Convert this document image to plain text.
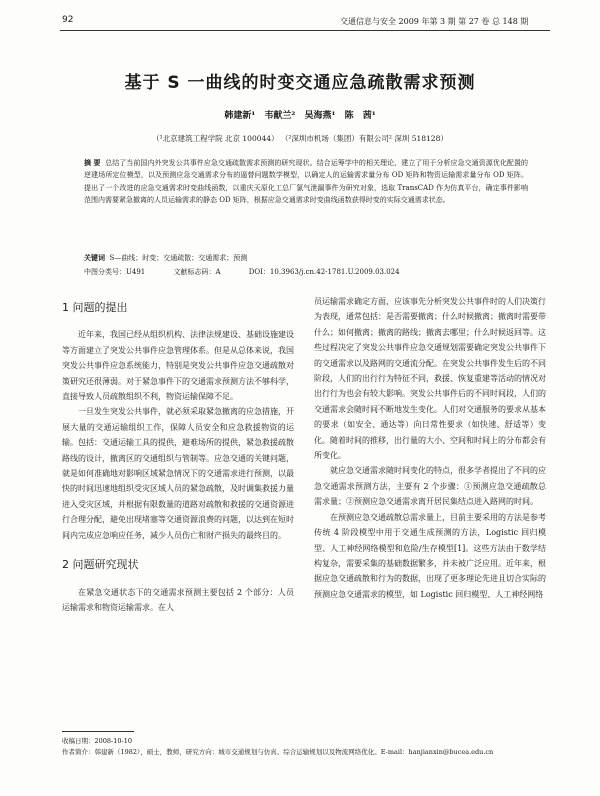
92	交通信息与安全 2009 年第 3 期 第 27 卷 总 148 期
基于 S 一曲线的时变交通应急疏散需求预测
韩建新¹ 韦献兰² 吴海燕¹ 陈 茜¹
（¹北京建筑工程学院 北京 100044） （²深圳市机场（集团）有限公司² 深圳 518128）
摘 要 总结了当前国内外突发公共事件应急交通疏散需求预测的研究现状。结合运筹学中的相关理论，建立了用于分析应急交通资源优化配置的逆建场所定位模型，以及预测应急交通需求分布的逼替问题数学模型，以确定人的运输需求量分布 OD 矩阵和物资运输需求量分布 OD 矩阵。 提出了一个改进的应急交通需求时变曲线函数，以重庆天原化工总厂氯气泄漏事件为研究对象，选取 TransCAD 作为仿真平台，确定事件影响范围内需要紧急撤离的人员运输需求的静态 OD 矩阵，根据应急交通需求时变曲线函数获得时变的实际交通需求状态。
关键词 S—曲线；时变；交通疏散；交通需求；预测
中图分类号：U491	文献标志码：A	DOI：10.3963/j.cn.42-1781.U.2009.03.024
1 问题的提出

近年来，我国已经从组织机构、法律法规建设、基础设施建设等方面建立了突发公共事件应急管理体系。但是从总体来说，我国突发公共事件应急系统能力，特别是突发公共事件应急交通疏散对策研究还很薄弱。对于紧急事件下的交通需求预测方法不够科学，直接导致人员疏散组织不利，物资运输保障不足。

一旦发生突发公共事件，就必须采取紧急撤离的应急措施，开展大量的交通运输组织工作，保障人员安全和应急救援物资的运输。包括：交通运输工具的提供，避难场所的提供，紧急救援疏散路线的设计，撤离区的交通组织与管制等。应急交通的关键问题，就是如何准确地对影响区域紧急情况下的交通需求进行预测，以最快的时间迅速地组织受灾区域人员的紧急疏散，及时调集救援力量进入受灾区域，并根据有限数量的道路对疏散和救援的交通资源进行合理分配，避免出现堵塞等交通资源浪费的问题，以达到在短时间内完成应急响应任务，减少人员伤亡和财产损失的最终目的。

2 问题研究现状

在紧急交通状态下的交通需求预测主要包括 2 个部分：人员运输需求和物资运输需求。在人

员运输需求确定方面，应该事先分析突发公共事件时的人们决策行为表现，通常包括：是否需要撤离；什么时候撤离；撤离时需要带什么；如何撤离；撤离的路线；撤离去哪里；什么时候返回等。这些过程决定了突发公共事件应急交通规划需要确定突发公共事件下的交通需求以及路网的交通流分配。在突发公共事件发生后的不同阶段，人们的出行行为特征不同，救援、恢复重建等活动的情况对出行行为也会有较大影响。突发公共事件后的不同时间段，人们的交通需求会随时间不断地发生变化。人们对交通服务的要求从基本的要求（如安全、通达等）向日常性要求（如快速、舒适等）变化。随着时间的推移，出行量的大小、空间和时间上的分布都会有所变化。

就应急交通需求随时间变化的特点，很多学者提出了不同的应急交通需求预测方法，主要有 2 个步骤：①预测应急交通疏散总需求量；②预测应急交通需求离开居民集结点进入路网的时间。

在预测应急交通疏散总需求量上，目前主要采用的方法是参考传统 4 阶段模型中用于交通生成预测的方法，Logistic 回归模型、人工神经网络模型和危险/生存模型[1]。这些方法由于数学结构复杂，需要采集的基础数据繁多，并未被广泛应用。近年来，根据应急交通疏散和行为的数据，出现了更多理论先进且切合实际的预测应急交通需求的模型，如 Logistic 回归模型、人工神经网络

收稿日期：2008-10-10
作者简介：韩建新（1982），硕士，教师，研究方向：城市交通规划与仿真、综合运输规划以及物流网络优化。E-mail：hanjianxin@bucea.edu.cn
